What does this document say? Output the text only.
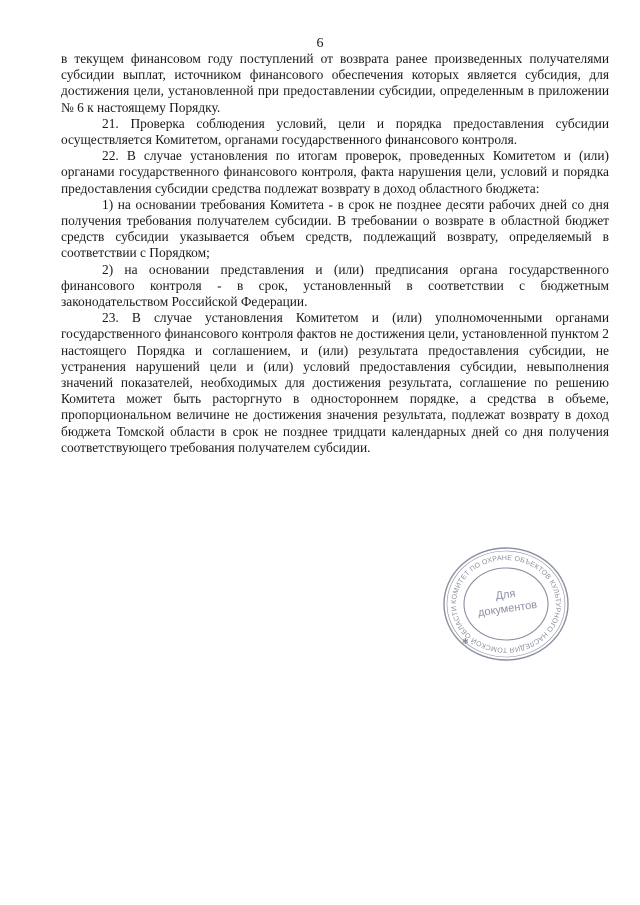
6

в текущем финансовом году поступлений от возврата ранее произведенных получателями субсидии выплат, источником финансового обеспечения которых является субсидия, для достижения цели, установленной при предоставлении субсидии, определенным в приложении № 6 к настоящему Порядку.

21. Проверка соблюдения условий, цели и порядка предоставления субсидии осуществляется Комитетом, органами государственного финансового контроля.

22. В случае установления по итогам проверок, проведенных Комитетом и (или) органами государственного финансового контроля, факта нарушения цели, условий и порядка предоставления субсидии средства подлежат возврату в доход областного бюджета:

1) на основании требования Комитета - в срок не позднее десяти рабочих дней со дня получения требования получателем субсидии. В требовании о возврате в областной бюджет средств субсидии указывается объем средств, подлежащий возврату, определяемый в соответствии с Порядком;

2) на основании представления и (или) предписания органа государственного финансового контроля - в срок, установленный в соответствии с бюджетным законодательством Российской Федерации.

23. В случае установления Комитетом и (или) уполномоченными органами государственного финансового контроля фактов не достижения цели, установленной пунктом 2 настоящего Порядка и соглашением, и (или) результата предоставления субсидии, не устранения нарушений цели и (или) условий предоставления субсидии, невыполнения значений показателей, необходимых для достижения результата, соглашение по решению Комитета может быть расторгнуто в одностороннем порядке, а средства в объеме, пропорциональном величине не достижения значения результата, подлежат возврату в доход бюджета Томской области в срок не позднее тридцати календарных дней со дня получения соответствующего требования получателем субсидии.

КОМИТЕТ ПО ОХРАНЕ ОБЪЕКТОВ КУЛЬТУРНОГО НАСЛЕДИЯ ТОМСКОЙ ОБЛАСТИ
Для
документов
✱
